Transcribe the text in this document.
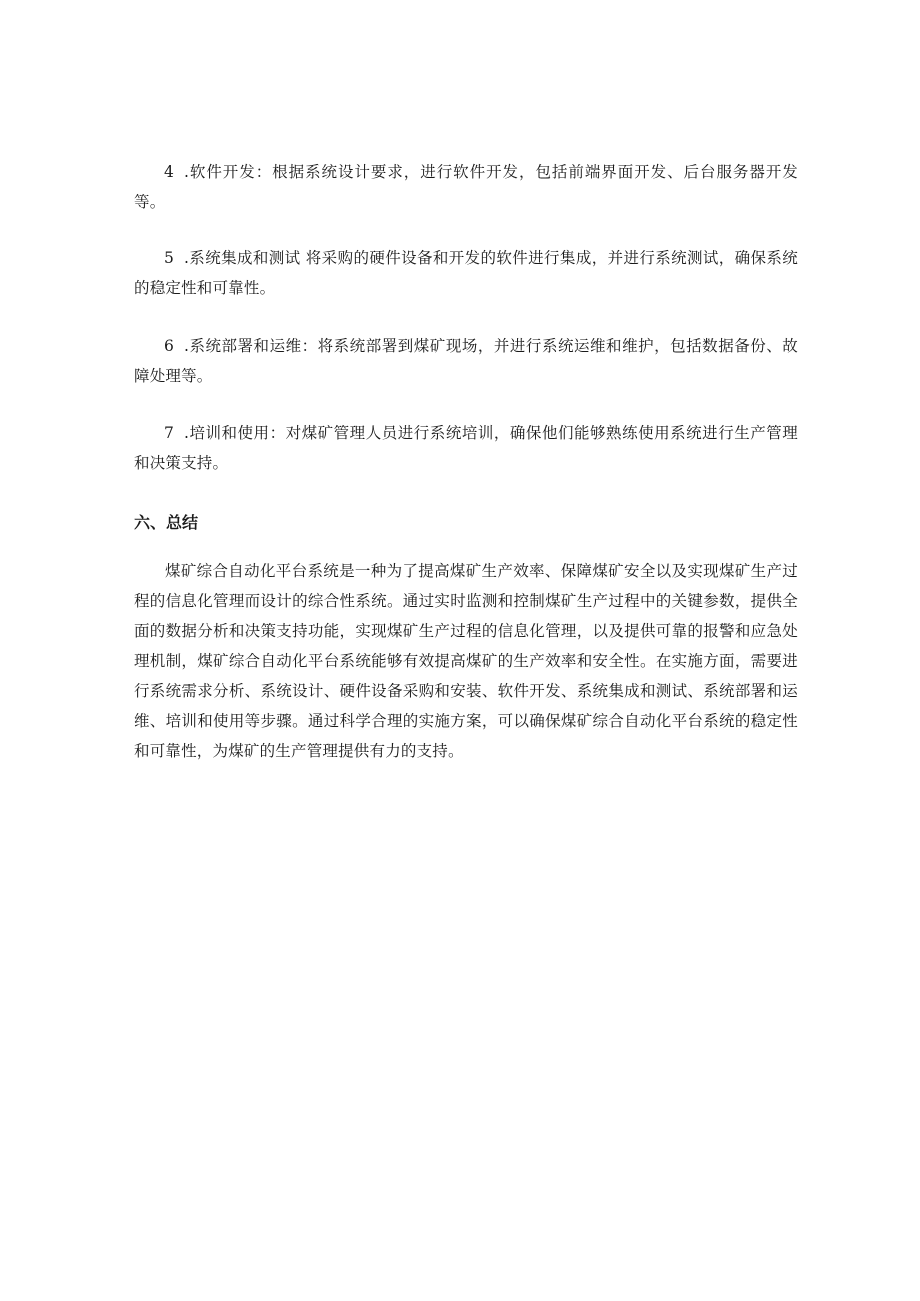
4 .软件开发：根据系统设计要求，进行软件开发，包括前端界面开发、后台服务器开发等。

5 .系统集成和测试 将采购的硬件设备和开发的软件进行集成，并进行系统测试，确保系统的稳定性和可靠性。

6 .系统部署和运维：将系统部署到煤矿现场，并进行系统运维和维护，包括数据备份、故障处理等。

7 .培训和使用：对煤矿管理人员进行系统培训，确保他们能够熟练使用系统进行生产管理和决策支持。

六、总结

煤矿综合自动化平台系统是一种为了提高煤矿生产效率、保障煤矿安全以及实现煤矿生产过程的信息化管理而设计的综合性系统。通过实时监测和控制煤矿生产过程中的关键参数，提供全面的数据分析和决策支持功能，实现煤矿生产过程的信息化管理，以及提供可靠的报警和应急处理机制，煤矿综合自动化平台系统能够有效提高煤矿的生产效率和安全性。在实施方面，需要进行系统需求分析、系统设计、硬件设备采购和安装、软件开发、系统集成和测试、系统部署和运维、培训和使用等步骤。通过科学合理的实施方案，可以确保煤矿综合自动化平台系统的稳定性和可靠性，为煤矿的生产管理提供有力的支持。
